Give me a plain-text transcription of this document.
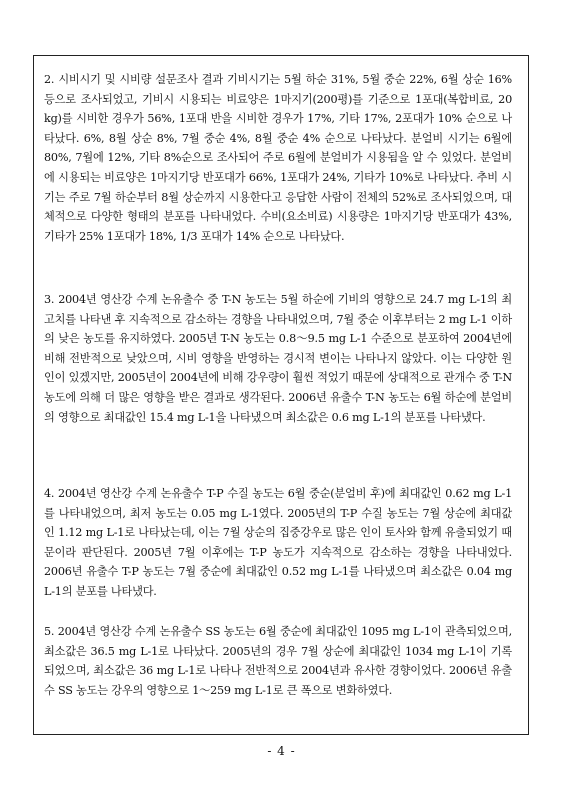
2. 시비시기 및 시비량 설문조사 결과 기비시기는 5월 하순 31%, 5월 중순 22%, 6월 상순 16% 등으로 조사되었고, 기비시 시용되는 비료양은 1마지기(200평)를 기준으로 1포대(복합비료, 20 kg)를 시비한 경우가 56%, 1포대 반을 시비한 경우가 17%, 기타 17%, 2포대가 10% 순으로 나타났다. 6%, 8월 상순 8%, 7월 중순 4%, 8월 중순 4% 순으로 나타났다. 분얼비 시기는 6월에 80%, 7월에 12%, 기타 8%순으로 조사되어 주로 6월에 분얼비가 시용됨을 알 수 있었다. 분얼비에 시용되는 비료양은 1마지기당 반포대가 66%, 1포대가 24%, 기타가 10%로 나타났다. 추비 시기는 주로 7월 하순부터 8월 상순까지 시용한다고 응답한 사람이 전체의 52%로 조사되었으며, 대체적으로 다양한 형태의 분포를 나타내었다. 수비(요소비료) 시용량은 1마지기당 반포대가 43%, 기타가 25% 1포대가 18%, 1/3 포대가 14% 순으로 나타났다.
3. 2004년 영산강 수계 논유출수 중 T-N 농도는 5월 하순에 기비의 영향으로 24.7 mg L-1의 최고치를 나타낸 후 지속적으로 감소하는 경향을 나타내었으며, 7월 중순 이후부터는 2 mg L-1 이하의 낮은 농도를 유지하였다. 2005년 T-N 농도는 0.8～9.5 mg L-1 수준으로 분포하여 2004년에 비해 전반적으로 낮았으며, 시비 영향을 반영하는 경시적 변이는 나타나지 않았다. 이는 다양한 원인이 있겠지만, 2005년이 2004년에 비해 강우량이 훨씬 적었기 때문에 상대적으로 관개수 중 T-N 농도에 의해 더 많은 영향을 받은 결과로 생각된다. 2006년 유출수 T-N 농도는 6월 하순에 분얼비의 영향으로 최대값인 15.4 mg L-1을 나타냈으며 최소값은 0.6 mg L-1의 분포를 나타냈다.
4. 2004년 영산강 수계 논유출수 T-P 수질 농도는 6월 중순(분얼비 후)에 최대값인 0.62 mg L-1 를 나타내었으며, 최저 농도는 0.05 mg L-1였다. 2005년의 T-P 수질 농도는 7월 상순에 최대값인 1.12 mg L-1로 나타났는데, 이는 7월 상순의 집중강우로 많은 인이 토사와 함께 유출되었기 때문이라 판단된다. 2005년 7월 이후에는 T-P 농도가 지속적으로 감소하는 경향을 나타내었다. 2006년 유출수 T-P 농도는 7월 중순에 최대값인 0.52 mg L-1를 나타냈으며 최소값은 0.04 mg L-1의 분포를 나타냈다.
5. 2004년 영산강 수계 논유출수 SS 농도는 6월 중순에 최대값인 1095 mg L-1이 관측되었으며, 최소값은 36.5 mg L-1로 나타났다. 2005년의 경우 7월 상순에 최대값인 1034 mg L-1이 기록되었으며, 최소값은 36 mg L-1로 나타나 전반적으로 2004년과 유사한 경향이었다. 2006년 유출수 SS 농도는 강우의 영향으로 1～259 mg L-1로 큰 폭으로 변화하였다.
- 4 -
